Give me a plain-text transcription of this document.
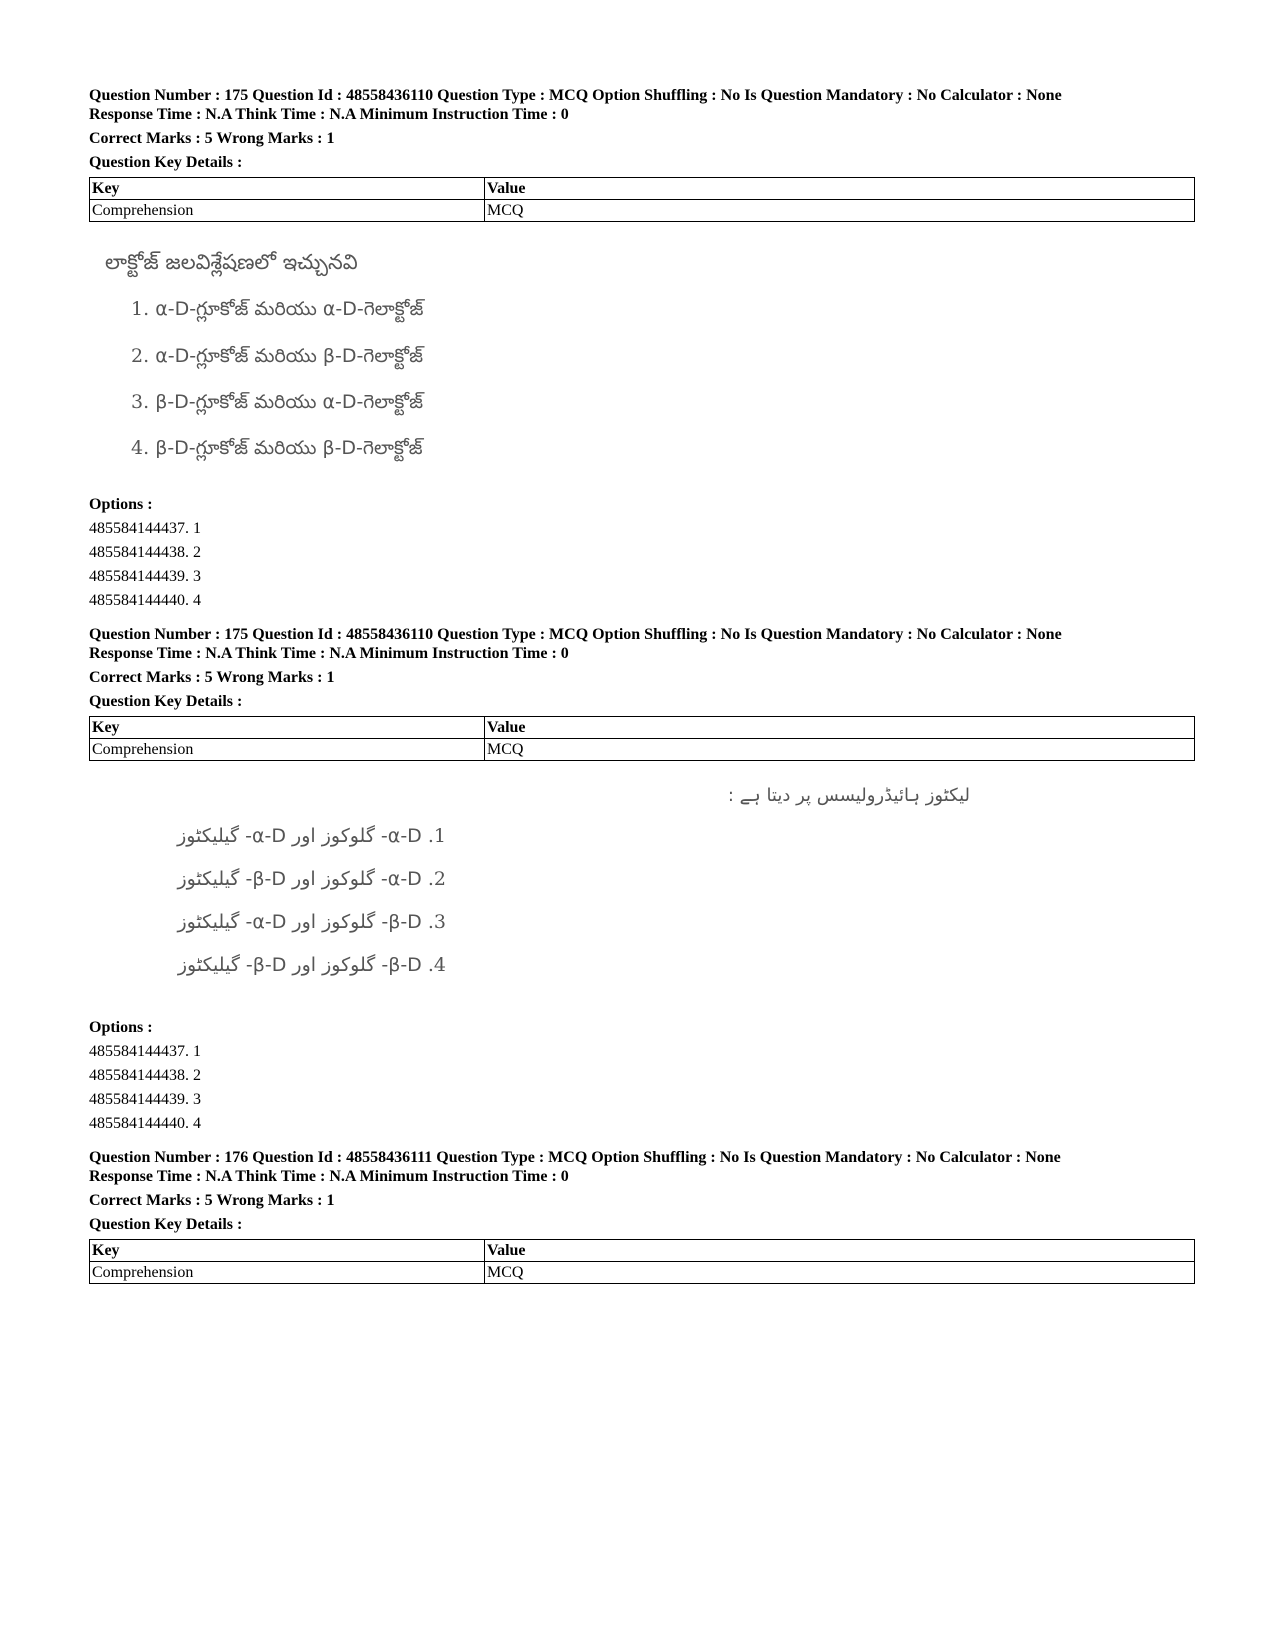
Question Number : 175 Question Id : 48558436110 Question Type : MCQ Option Shuffling : No Is Question Mandatory : No Calculator : None
Response Time : N.A Think Time : N.A Minimum Instruction Time : 0
Correct Marks : 5 Wrong Marks : 1
Question Key Details :
Key	Value
Comprehension	MCQ
లాక్టోజ్ జలవిశ్లేషణలో ఇచ్చునవి
1. α-D-గ్లూకోజ్ మరియు α-D-గెలాక్టోజ్
2. α-D-గ్లూకోజ్ మరియు β-D-గెలాక్టోజ్
3. β-D-గ్లూకోజ్ మరియు α-D-గెలాక్టోజ్
4. β-D-గ్లూకోజ్ మరియు β-D-గెలాక్టోజ్
Options :
485584144437. 1
485584144438. 2
485584144439. 3
485584144440. 4
Question Number : 175 Question Id : 48558436110 Question Type : MCQ Option Shuffling : No Is Question Mandatory : No Calculator : None
Response Time : N.A Think Time : N.A Minimum Instruction Time : 0
Correct Marks : 5 Wrong Marks : 1
Question Key Details :
Key	Value
Comprehension	MCQ
لیکٹوز ہائیڈرولیسس پر دیتا ہے :
1. α-D- گلوکوز اور α-D- گیلیکٹوز
2. α-D- گلوکوز اور β-D- گیلیکٹوز
3. β-D- گلوکوز اور α-D- گیلیکٹوز
4. β-D- گلوکوز اور β-D- گیلیکٹوز
Options :
485584144437. 1
485584144438. 2
485584144439. 3
485584144440. 4
Question Number : 176 Question Id : 48558436111 Question Type : MCQ Option Shuffling : No Is Question Mandatory : No Calculator : None
Response Time : N.A Think Time : N.A Minimum Instruction Time : 0
Correct Marks : 5 Wrong Marks : 1
Question Key Details :
Key	Value
Comprehension	MCQ
